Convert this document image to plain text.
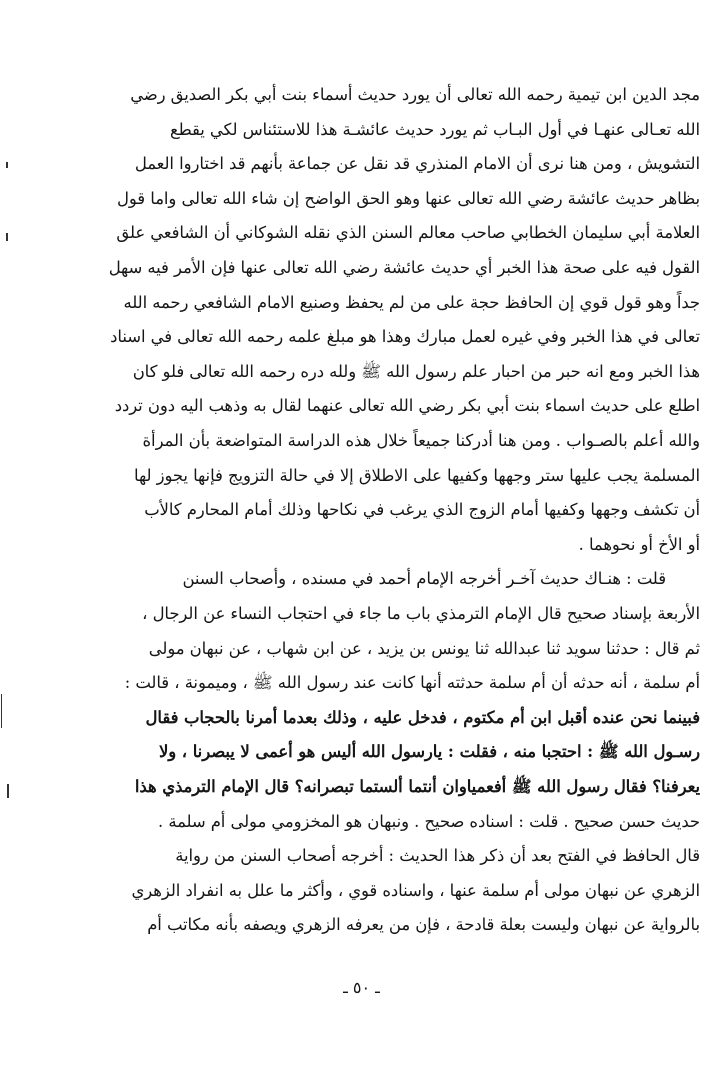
مجد الدين ابن تيمية رحمه الله تعالى أن يورد حديث أسماء بنت أبي بكر الصديق رضي
الله تعـالى عنهـا في أول البـاب ثم يورد حديث عائشـة هذا للاستئناس لكي يقطع
التشويش ، ومن هنا نرى أن الامام المنذري قد نقل عن جماعة بأنهم قد اختاروا العمل
بظاهر حديث عائشة رضي الله تعالى عنها وهو الحق الواضح إن شاء الله تعالى واما قول
العلامة أبي سليمان الخطابي صاحب معالم السنن الذي نقله الشوكاني أن الشافعي علق
القول فيه على صحة هذا الخبر أي حديث عائشة رضي الله تعالى عنها فإن الأمر فيه سهل
جداً وهو قول قوي إن الحافظ حجة على من لم يحفظ وصنيع الامام الشافعي رحمه الله
تعالى في هذا الخبر وفي غيره لعمل مبارك وهذا هو مبلغ علمه رحمه الله تعالى في اسناد
هذا الخبر ومع انه حبر من احبار علم رسول الله ﷺ ولله دره رحمه الله تعالى فلو كان
اطلع على حديث اسماء بنت أبي بكر رضي الله تعالى عنهما لقال به وذهب اليه دون تردد
والله أعلم بالصـواب . ومن هنا أدركنا جميعاً خلال هذه الدراسة المتواضعة بأن المرأة
المسلمة يجب عليها ستر وجهها وكفيها على الاطلاق إلا في حالة التزويج فإنها يجوز لها
أن تكشف وجهها وكفيها أمام الزوج الذي يرغب في نكاحها وذلك أمام المحارم كالأب
أو الأخ أو نحوهما .
قلت : هنـاك حديث آخـر أخرجه الإمام أحمد في مسنده ، وأصحاب السنن
الأربعة بإسناد صحيح قال الإمام الترمذي باب ما جاء في احتجاب النساء عن الرجال ،
ثم قال : حدثنا سويد ثنا عبدالله ثنا يونس بن يزيد ، عن ابن شهاب ، عن نبهان مولى
أم سلمة ، أنه حدثه أن أم سلمة حدثته أنها كانت عند رسول الله ﷺ ، وميمونة ، قالت :
فبينما نحن عنده أقبل ابن أم مكتوم ، فدخل عليه ، وذلك بعدما أمرنا بالحجاب فقال
رسـول الله ﷺ : احتجبا منه ، فقلت : يارسول الله أليس هو أعمى لا يبصرنا ، ولا
يعرفنا؟ فقال رسول الله ﷺ أفعمياوان أنتما ألستما تبصرانه؟ قال الإمام الترمذي هذا
حديث حسن صحيح . قلت : اسناده صحيح . ونبهان هو المخزومي مولى أم سلمة .
قال الحافظ في الفتح بعد أن ذكر هذا الحديث : أخرجه أصحاب السنن من رواية
الزهري عن نبهان مولى أم سلمة عنها ، واسناده قوي ، وأكثر ما علل به انفراد الزهري
بالرواية عن نبهان وليست بعلة قادحة ، فإن من يعرفه الزهري ويصفه بأنه مكاتب أم
ـ ٥٠ ـ
